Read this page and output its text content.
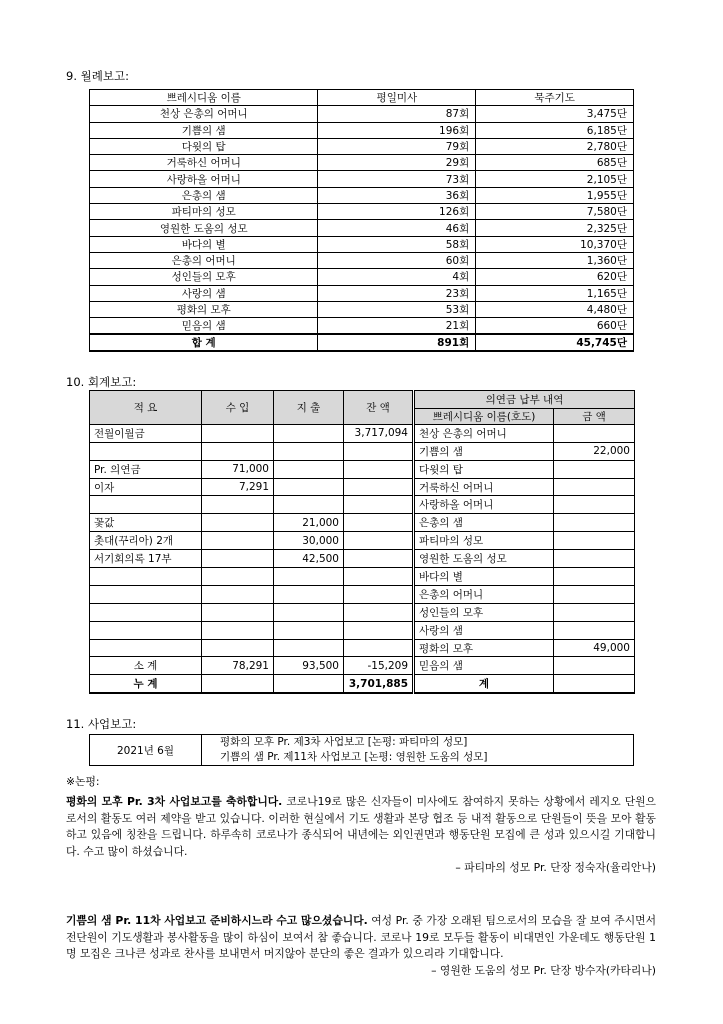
9. 월례보고:
쁘레시디움 이름	평일미사	묵주기도
천상 은총의 어머니	87회	3,475단
기쁨의 샘	196회	6,185단
다윗의 탑	79회	2,780단
거룩하신 어머니	29회	685단
사랑하올 어머니	73회	2,105단
은총의 샘	36회	1,955단
파티마의 성모	126회	7,580단
영원한 도움의 성모	46회	2,325단
바다의 별	58회	10,370단
은총의 어머니	60회	1,360단
성인들의 모후	4회	620단
사랑의 샘	23회	1,165단
평화의 모후	53회	4,480단
믿음의 샘	21회	660단
합 계	891회	45,745단
10. 회계보고:
적 요	수 입	지 출	잔 액	의연금 납부 내역	
				쁘레시디움 이름(호도)	금 액
전월이월금			3,717,094	천상 은총의 어머니	
				기쁨의 샘	22,000
Pr. 의연금	71,000			다윗의 탑	
이자	7,291			거룩하신 어머니	
				사랑하올 어머니	
꽃값		21,000		은총의 샘	
촛대(꾸리아) 2개		30,000		파티마의 성모	
서기회의록 17부		42,500		영원한 도움의 성모	
				바다의 별	
				은총의 어머니	
				성인들의 모후	
				사랑의 샘	
				평화의 모후	49,000
소 계	78,291	93,500	-15,209	믿음의 샘	
누 계			3,701,885	계	
11. 사업보고:
2021년 6월	
평화의 모후 Pr. 제3차 사업보고 [논평: 파티마의 성모]
기쁨의 샘 Pr. 제11차 사업보고 [논평: 영원한 도움의 성모]
※논평:
평화의 모후 Pr. 3차 사업보고를 축하합니다. 코로나19로 많은 신자들이 미사에도 참여하지 못하는 상황에서 레지오 단원으로서의 활동도 여러 제약을 받고 있습니다. 이러한 현실에서 기도 생활과 본당 협조 등 내적 활동으로 단원들이 뜻을 모아 활동하고 있음에 칭찬을 드립니다. 하루속히 코로나가 종식되어 내년에는 외인권면과 행동단원 모집에 큰 성과 있으시길 기대합니다. 수고 많이 하셨습니다.
– 파티마의 성모 Pr. 단장 정숙자(율리안나)
기쁨의 샘 Pr. 11차 사업보고 준비하시느라 수고 많으셨습니다. 여성 Pr. 중 가장 오래된 팀으로서의 모습을 잘 보여 주시면서 전단원이 기도생활과 봉사활동을 많이 하심이 보여서 참 좋습니다. 코로나 19로 모두들 활동이 비대면인 가운데도 행동단원 1명 모집은 크나큰 성과로 찬사를 보내면서 머지않아 분단의 좋은 결과가 있으리라 기대합니다.
– 영원한 도움의 성모 Pr. 단장 방수자(카타리나)
